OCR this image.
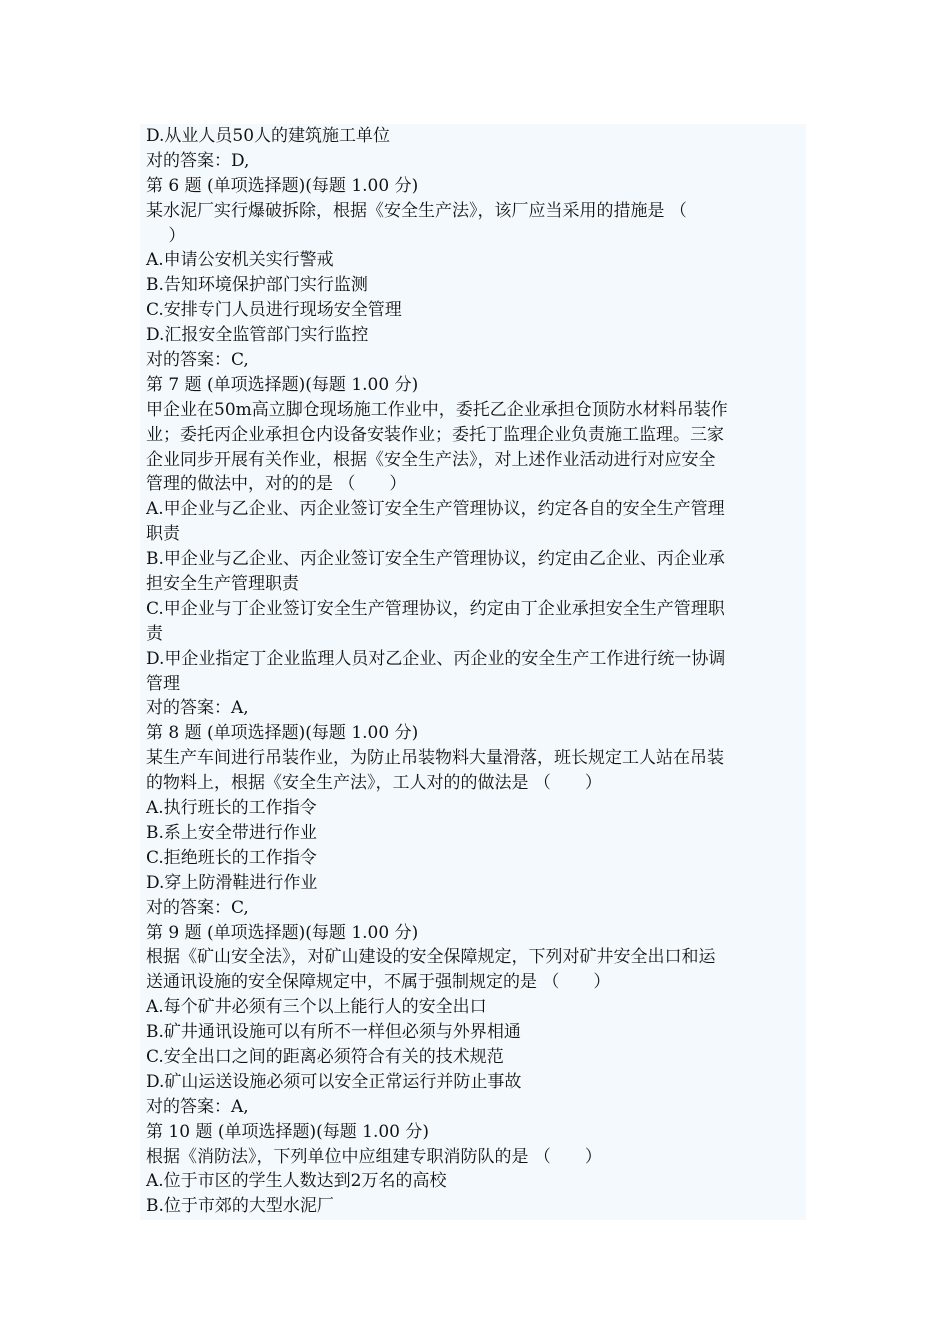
D.从业人员50人的建筑施工单位
对的答案：D,
第 6 题 (单项选择题)(每题 1.00 分)
某水泥厂实行爆破拆除，根据《安全生产法》，该厂应当采用的措施是 （
　 ）
A.申请公安机关实行警戒
B.告知环境保护部门实行监测
C.安排专门人员进行现场安全管理
D.汇报安全监管部门实行监控
对的答案：C,
第 7 题 (单项选择题)(每题 1.00 分)
甲企业在50m高立脚仓现场施工作业中，委托乙企业承担仓顶防水材料吊装作
业；委托丙企业承担仓内设备安装作业；委托丁监理企业负责施工监理。三家
企业同步开展有关作业，根据《安全生产法》，对上述作业活动进行对应安全
管理的做法中，对的的是 （　　）
A.甲企业与乙企业、丙企业签订安全生产管理协议，约定各自的安全生产管理
职责
B.甲企业与乙企业、丙企业签订安全生产管理协议，约定由乙企业、丙企业承
担安全生产管理职责
C.甲企业与丁企业签订安全生产管理协议，约定由丁企业承担安全生产管理职
责
D.甲企业指定丁企业监理人员对乙企业、丙企业的安全生产工作进行统一协调
管理
对的答案：A,
第 8 题 (单项选择题)(每题 1.00 分)
某生产车间进行吊装作业，为防止吊装物料大量滑落，班长规定工人站在吊装
的物料上，根据《安全生产法》，工人对的的做法是 （　　）
A.执行班长的工作指令
B.系上安全带进行作业
C.拒绝班长的工作指令
D.穿上防滑鞋进行作业
对的答案：C,
第 9 题 (单项选择题)(每题 1.00 分)
根据《矿山安全法》，对矿山建设的安全保障规定，下列对矿井安全出口和运
送通讯设施的安全保障规定中，不属于强制规定的是 （　　）
A.每个矿井必须有三个以上能行人的安全出口
B.矿井通讯设施可以有所不一样但必须与外界相通
C.安全出口之间的距离必须符合有关的技术规范
D.矿山运送设施必须可以安全正常运行并防止事故
对的答案：A,
第 10 题 (单项选择题)(每题 1.00 分)
根据《消防法》，下列单位中应组建专职消防队的是 （　　）
A.位于市区的学生人数达到2万名的高校
B.位于市郊的大型水泥厂
